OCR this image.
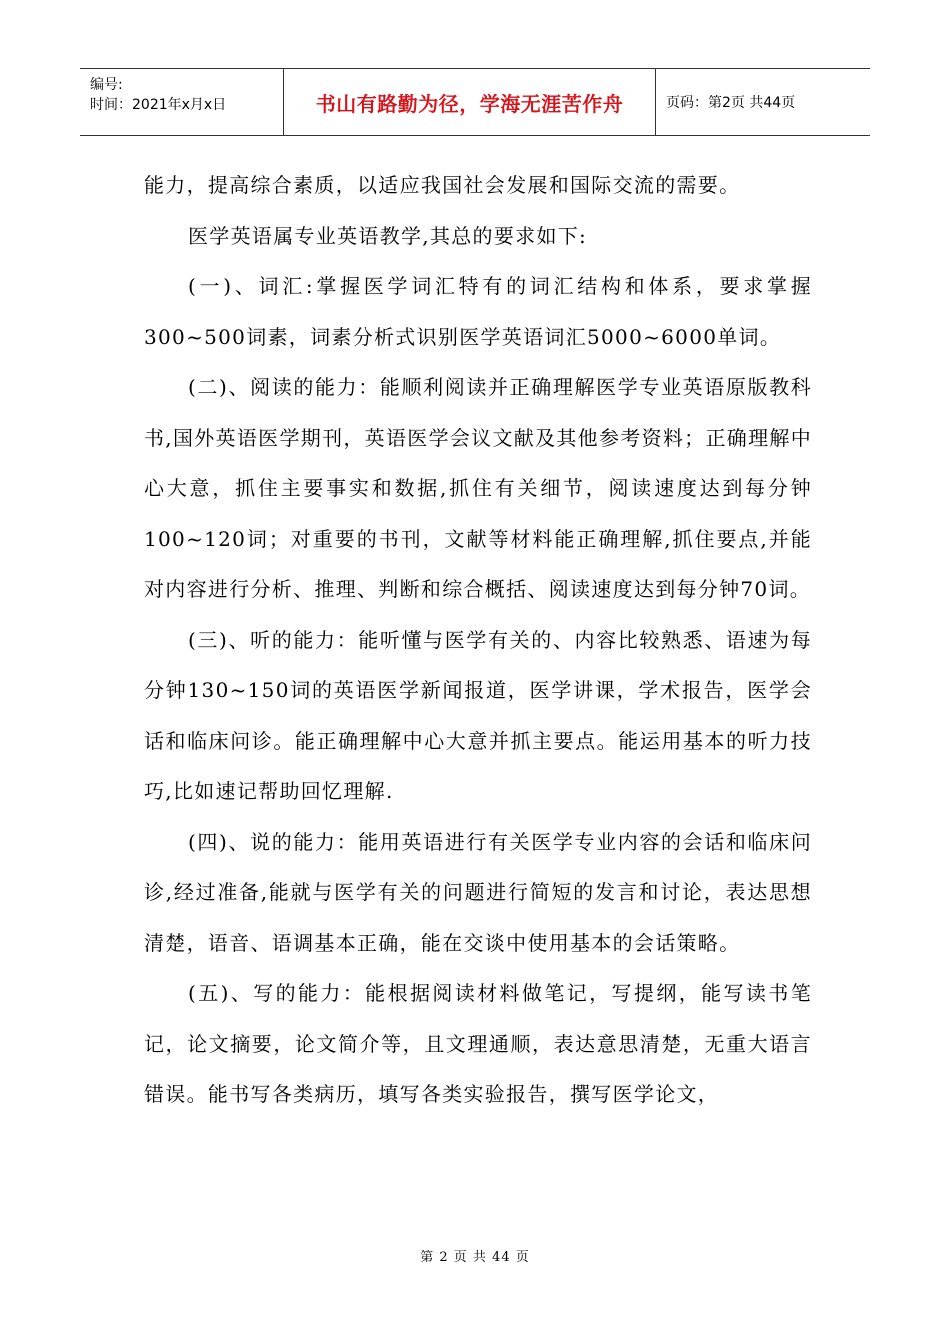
编号:
时间：2021年x月x日	书山有路勤为径，学海无涯苦作舟	页码：第2页 共44页

能力，提高综合素质，以适应我国社会发展和国际交流的需要。

医学英语属专业英语教学,其总的要求如下:

(一)、词汇:掌握医学词汇特有的词汇结构和体系，要求掌握300~500词素，词素分析式识别医学英语词汇5000~6000单词。

(二)、阅读的能力：能顺利阅读并正确理解医学专业英语原版教科书,国外英语医学期刊，英语医学会议文献及其他参考资料；正确理解中心大意，抓住主要事实和数据,抓住有关细节，阅读速度达到每分钟100~120词；对重要的书刊，文献等材料能正确理解,抓住要点,并能对内容进行分析、推理、判断和综合概括、阅读速度达到每分钟70词。

(三)、听的能力：能听懂与医学有关的、内容比较熟悉、语速为每分钟130~150词的英语医学新闻报道，医学讲课，学术报告，医学会话和临床问诊。能正确理解中心大意并抓主要点。能运用基本的听力技巧,比如速记帮助回忆理解.

(四)、说的能力：能用英语进行有关医学专业内容的会话和临床问诊,经过准备,能就与医学有关的问题进行简短的发言和讨论，表达思想清楚，语音、语调基本正确，能在交谈中使用基本的会话策略。

(五)、写的能力：能根据阅读材料做笔记，写提纲，能写读书笔记，论文摘要，论文简介等，且文理通顺，表达意思清楚，无重大语言错误。能书写各类病历，填写各类实验报告，撰写医学论文，

第 2 页 共 44 页
